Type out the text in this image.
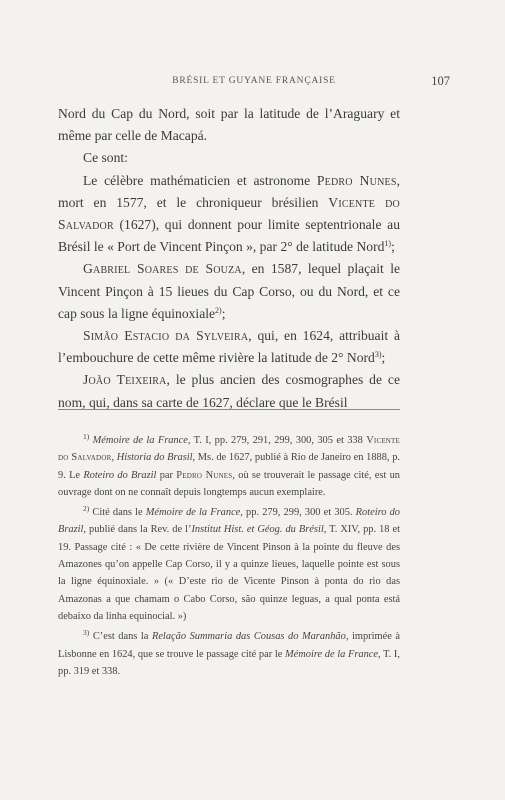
BRÉSIL ET GUYANE FRANÇAISE	107

Nord du Cap du Nord, soit par la latitude de l’Araguary et même par celle de Macapá.

Ce sont:

Le célèbre mathématicien et astronome Pedro Nunes, mort en 1577, et le chroniqueur brésilien Vicente do Salvador (1627), qui donnent pour limite septentrionale au Brésil le « Port de Vincent Pinçon », par 2° de latitude Nord$^{1)}$;

Gabriel Soares de Souza, en 1587, lequel plaçait le Vincent Pinçon à 15 lieues du Cap Corso, ou du Nord, et ce cap sous la ligne équinoxiale$^{2)}$;

Simão Estacio da Sylveira, qui, en 1624, attribuait à l’embouchure de cette même rivière la latitude de 2° Nord$^{3)}$;

João Teixeira, le plus ancien des cosmographes de ce nom, qui, dans sa carte de 1627, déclare que le Brésil

$^{1)}$ Mémoire de la France, T. I, pp. 279, 291, 299, 300, 305 et 338 Vicente do Salvador, Historia do Brasil, Ms. de 1627, publié à Rio de Janeiro en 1888, p. 9. Le Roteiro do Brazil par Pedro Nunes, où se trouverait le passage cité, est un ouvrage dont on ne connaît depuis longtemps aucun exemplaire.

$^{2)}$ Cité dans le Mémoire de la France, pp. 279, 299, 300 et 305. Roteiro do Brazil, publié dans la Rev. de l’Institut Hist. et Géog. du Brésil, T. XIV, pp. 18 et 19. Passage cité : « De cette rivière de Vincent Pinson à la pointe du fleuve des Amazones qu’on appelle Cap Corso, il y a quinze lieues, laquelle pointe est sous la ligne équinoxiale. » (« D’este rio de Vicente Pinson à ponta do rio das Amazonas a que chamam o Cabo Corso, são quinze leguas, a qual ponta está debaixo da linha equinocial. »)

$^{3)}$ C’est dans la Relação Summaria das Cousas do Maranhão, imprimée à Lisbonne en 1624, que se trouve le passage cité par le Mémoire de la France, T. I, pp. 319 et 338.
